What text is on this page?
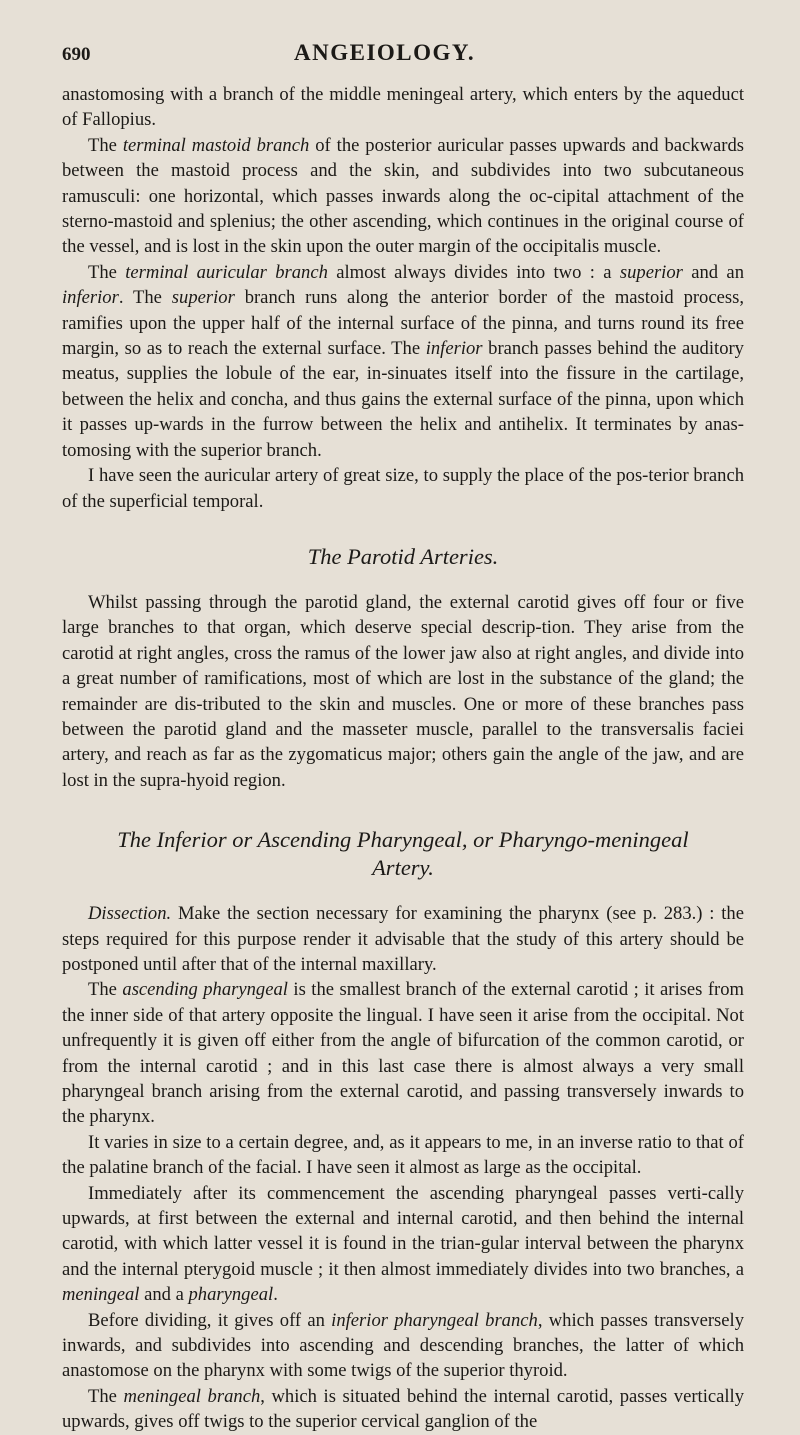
690	ANGEIOLOGY.

anastomosing with a branch of the middle meningeal artery, which enters by the aqueduct of Fallopius.

The terminal mastoid branch of the posterior auricular passes upwards and backwards between the mastoid process and the skin, and subdivides into two subcutaneous ramusculi: one horizontal, which passes inwards along the oc-cipital attachment of the sterno-mastoid and splenius; the other ascending, which continues in the original course of the vessel, and is lost in the skin upon the outer margin of the occipitalis muscle.

The terminal auricular branch almost always divides into two : a superior and an inferior. The superior branch runs along the anterior border of the mastoid process, ramifies upon the upper half of the internal surface of the pinna, and turns round its free margin, so as to reach the external surface. The inferior branch passes behind the auditory meatus, supplies the lobule of the ear, in-sinuates itself into the fissure in the cartilage, between the helix and concha, and thus gains the external surface of the pinna, upon which it passes up-wards in the furrow between the helix and antihelix. It terminates by anas-tomosing with the superior branch.

I have seen the auricular artery of great size, to supply the place of the pos-terior branch of the superficial temporal.

The Parotid Arteries.

Whilst passing through the parotid gland, the external carotid gives off four or five large branches to that organ, which deserve special descrip-tion. They arise from the carotid at right angles, cross the ramus of the lower jaw also at right angles, and divide into a great number of ramifications, most of which are lost in the substance of the gland; the remainder are dis-tributed to the skin and muscles. One or more of these branches pass between the parotid gland and the masseter muscle, parallel to the transversalis faciei artery, and reach as far as the zygomaticus major; others gain the angle of the jaw, and are lost in the supra-hyoid region.

The Inferior or Ascending Pharyngeal, or Pharyngo-meningeal
Artery.

Dissection. Make the section necessary for examining the pharynx (see p. 283.) : the steps required for this purpose render it advisable that the study of this artery should be postponed until after that of the internal maxillary.

The ascending pharyngeal is the smallest branch of the external carotid ; it arises from the inner side of that artery opposite the lingual. I have seen it arise from the occipital. Not unfrequently it is given off either from the angle of bifurcation of the common carotid, or from the internal carotid ; and in this last case there is almost always a very small pharyngeal branch arising from the external carotid, and passing transversely inwards to the pharynx.

It varies in size to a certain degree, and, as it appears to me, in an inverse ratio to that of the palatine branch of the facial. I have seen it almost as large as the occipital.

Immediately after its commencement the ascending pharyngeal passes verti-cally upwards, at first between the external and internal carotid, and then behind the internal carotid, with which latter vessel it is found in the trian-gular interval between the pharynx and the internal pterygoid muscle ; it then almost immediately divides into two branches, a meningeal and a pharyngeal.

Before dividing, it gives off an inferior pharyngeal branch, which passes transversely inwards, and subdivides into ascending and descending branches, the latter of which anastomose on the pharynx with some twigs of the superior thyroid.

The meningeal branch, which is situated behind the internal carotid, passes vertically upwards, gives off twigs to the superior cervical ganglion of the
